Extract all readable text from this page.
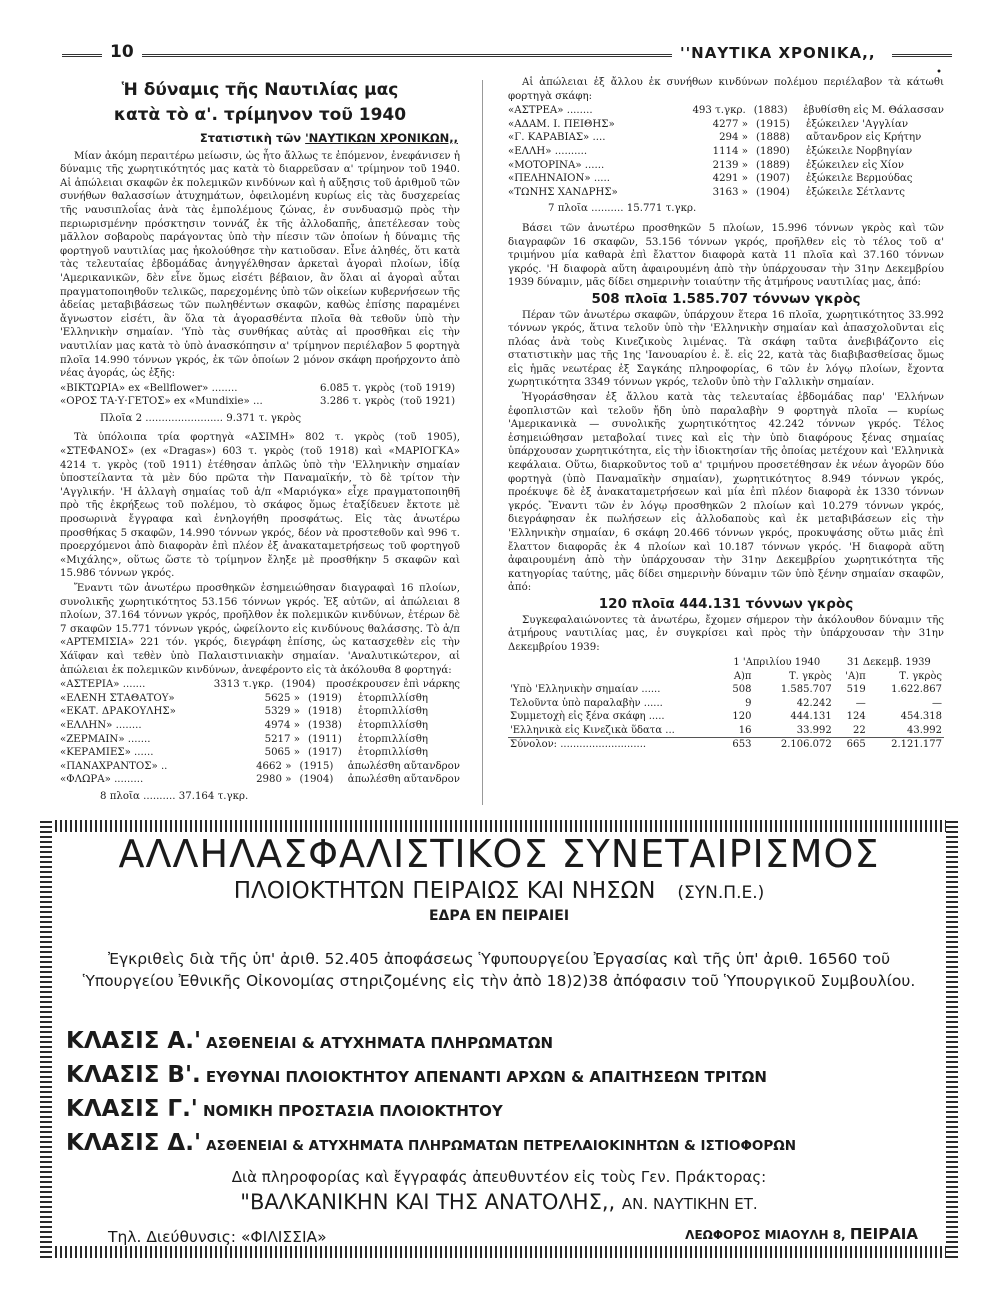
10	''ΝΑΥΤΙΚΑ ΧΡΟΝΙΚΑ,,
Ἡ δύναμις τῆς Ναυτιλίας μας
κατὰ τὸ α'. τρίμηνον τοῦ 1940
Στατιστικὴ τῶν 'ΝΑΥΤΙΚΩΝ ΧΡΟΝΙΚΩΝ,,

Μίαν ἀκόμη περαιτέρω μείωσιν, ὡς ἦτο ἄλλως τε ἐπόμενον, ἐνεφάνισεν ἡ δύναμις τῆς χωρητικότητός μας κατὰ τὸ διαρρεῦσαν α' τρίμηνον τοῦ 1940. Αἱ ἀπώλειαι σκαφῶν ἐκ πολεμικῶν κινδύνων καὶ ἡ αὔξησις τοῦ ἀριθμοῦ τῶν συνήθων θαλασσίων ἀτυχημάτων, ὀφειλομένη κυρίως εἰς τὰς δυσχερείας τῆς ναυσιπλοΐας ἀνὰ τὰς ἐμπολέμους ζώνας, ἐν συνδυασμῷ πρὸς τὴν περιωρισμένην πρόσκτησιν τοννάζ ἐκ τῆς ἀλλοδαπῆς, ἀπετέλεσαν τοὺς μᾶλλον σοβαροὺς παράγοντας ὑπὸ τὴν πίεσιν τῶν ὁποίων ἡ δύναμις τῆς φορτηγοῦ ναυτιλίας μας ἠκολούθησε τὴν κατιοῦσαν. Εἶνε ἀληθές, ὅτι κατὰ τὰς τελευταίας ἑβδομάδας ἀνηγγέλθησαν ἀρκεταὶ ἀγοραὶ πλοίων, ἰδίᾳ 'Αμερικανικῶν, δὲν εἶνε ὅμως εἰσέτι βέβαιον, ἂν ὅλαι αἱ ἀγοραὶ αὗται πραγματοποιηθοῦν τελικῶς, παρεχομένης ὑπὸ τῶν οἰκείων κυβερνήσεων τῆς ἀδείας μεταβιβάσεως τῶν πωληθέντων σκαφῶν, καθὼς ἐπίσης παραμένει ἄγνωστον εἰσέτι, ἂν ὅλα τὰ ἀγορασθέντα πλοῖα θὰ τεθοῦν ὑπὸ τὴν 'Ελληνικὴν σημαίαν. 'Υπὸ τὰς συνθήκας αὐτὰς αἱ προσθῆκαι εἰς τὴν ναυτιλίαν μας κατὰ τὸ ὑπὸ ἀνασκόπησιν α' τρίμηνον περιέλαβον 5 φορτηγὰ πλοῖα 14.990 τόννων γκρός, ἐκ τῶν ὁποίων 2 μόνον σκάφη προήρχοντο ἀπὸ νέας ἀγοράς, ὡς ἑξῆς:

«ΒΙΚΤΩΡΙΑ» ex «Bellflower» ........	6.085 τ. γκρὸς (τοῦ 1919)
«ΟΡΟΣ ΤΑ·Υ·ΓΕΤΟΣ» ex «Mundixie» ...	3.286 τ. γκρὸς (τοῦ 1921)
Πλοῖα 2 ........................ 9.371 τ. γκρὸς

Τὰ ὑπόλοιπα τρία φορτηγὰ «ΑΣΙΜΗ» 802 τ. γκρὸς (τοῦ 1905), «ΣΤΕΦΑΝΟΣ» (ex «Dragas») 603 τ. γκρὸς (τοῦ 1918) καὶ «ΜΑΡΙΟΓΚΑ» 4214 τ. γκρὸς (τοῦ 1911) ἐτέθησαν ἁπλῶς ὑπὸ τὴν 'Ελληνικὴν σημαίαν ὑποστείλαντα τὰ μὲν δύο πρῶτα τὴν Παναμαϊκήν, τὸ δὲ τρίτον τὴν 'Αγγλικήν. 'Η ἀλλαγὴ σημαίας τοῦ ἀ/π «Μαριόγκα» εἶχε πραγματοποιηθῆ πρὸ τῆς ἐκρήξεως τοῦ πολέμου, τὸ σκάφος ὅμως ἐταξίδευεν ἔκτοτε μὲ προσωρινὰ ἔγγραφα καὶ ἐνηλογήθη προσφάτως. Εἰς τὰς ἀνωτέρω προσθήκας 5 σκαφῶν, 14.990 τόννων γκρός, δέον νὰ προστεθοῦν καὶ 996 τ. προερχόμενοι ἀπὸ διαφορὰν ἐπὶ πλέον ἐξ ἀνακαταμετρήσεως τοῦ φορτηγοῦ «Μιχάλης», οὕτως ὥστε τὸ τρίμηνον ἔληξε μὲ προσθήκην 5 σκαφῶν καὶ 15.986 τόννων γκρός.

Ἔναντι τῶν ἀνωτέρω προσθηκῶν ἐσημειώθησαν διαγραφαὶ 16 πλοίων, συνολικῆς χωρητικότητος 53.156 τόννων γκρός. Ἐξ αὐτῶν, αἱ ἀπώλειαι 8 πλοίων, 37.164 τόννων γκρός, προῆλθον ἐκ πολεμικῶν κινδύνων, ἐτέρων δὲ 7 σκαφῶν 15.771 τόννων γκρός, ὠφείλοντο εἰς κινδύνους θαλάσσης. Τὸ ἀ/π «ΑΡΤΕΜΙΣΙΑ» 221 τόν. γκρός, διεγράφη ἐπίσης, ὡς κατασχεθὲν εἰς τὴν Χάϊφαν καὶ τεθὲν ὑπὸ Παλαιστινιακὴν σημαίαν. 'Αναλυτικώτερον, αἱ ἀπώλειαι ἐκ πολεμικῶν κινδύνων, ἀνεφέροντο εἰς τὰ ἀκόλουθα 8 φορτηγά:

«ΑΣΤΕΡΙΑ» .......	3313 τ.γκρ. (1904)	προσέκρουσεν ἐπὶ νάρκης
«ΕΛΕΝΗ ΣΤΑΘΑΤΟΥ»	5625 » (1919)	ἐτορπιλλίσθη
«ΕΚΑΤ. ΔΡΑΚΟΥΛΗΣ»	5329 » (1918)	ἐτορπιλλίσθη
«ΕΛΛΗΝ» ........	4974 » (1938)	ἐτορπιλλίσθη
«ΖΕΡΜΑΙΝ» .......	5217 » (1911)	ἐτορπιλλίσθη
«ΚΕΡΑΜΙΕΣ» ......	5065 » (1917)	ἐτορπιλλίσθη
«ΠΑΝΑΧΡΑΝΤΟΣ» ..	4662 » (1915)	ἀπωλέσθη αὔτανδρον
«ΦΛΩΡΑ» .........	2980 » (1904)	ἀπωλέσθη αὔτανδρον
8 πλοῖα .......... 37.164 τ.γκρ.
•

Αἱ ἀπώλειαι ἐξ ἄλλου ἐκ συνήθων κινδύνων πολέμου περιέλαβον τὰ κάτωθι φορτηγὰ σκάφη:

«ΑΣΤΡΕΑ» ........	493 τ.γκρ. (1883)	ἐβυθίσθη εἰς Μ. Θάλασσαν
«ΑΔΑΜ. Ι. ΠΕΙΘΗΣ»	4277 » (1915)	ἐξώκειλεν 'Αγγλίαν
«Γ. ΚΑΡΑΒΙΑΣ» ....	294 » (1888)	αὔτανδρον εἰς Κρήτην
«ΕΛΛΗ» ..........	1114 » (1890)	ἐξώκειλε Νορβηγίαν
«ΜΟΤΟΡΙΝΑ» ......	2139 » (1889)	ἐξώκειλεν εἰς Χίον
«ΠΕΛΗΝΑΙΟΝ» .....	4291 » (1907)	ἐξώκειλε Βερμούδας
«ΤΩΝΗΣ ΧΑΝΔΡΗΣ»	3163 » (1904)	ἐξώκειλε Σέτλαντς
7 πλοῖα .......... 15.771 τ.γκρ.

Βάσει τῶν ἀνωτέρω προσθηκῶν 5 πλοίων, 15.996 τόννων γκρὸς καὶ τῶν διαγραφῶν 16 σκαφῶν, 53.156 τόννων γκρός, προῆλθεν εἰς τὸ τέλος τοῦ α' τριμήνου μία καθαρὰ ἐπὶ ἔλαττον διαφορὰ κατὰ 11 πλοῖα καὶ 37.160 τόννων γκρός. 'Η διαφορὰ αὕτη ἀφαιρουμένη ἀπὸ τὴν ὑπάρχουσαν τὴν 31ην Δεκεμβρίου 1939 δύναμιν, μᾶς δίδει σημερινὴν τοιαύτην τῆς ἀτμήρους ναυτιλίας μας, ἀπό:

508 πλοῖα 1.585.707 τόννων γκρὸς

Πέραν τῶν ἀνωτέρω σκαφῶν, ὑπάρχουν ἕτερα 16 πλοῖα, χωρητικότητος 33.992 τόννων γκρός, ἅτινα τελοῦν ὑπὸ τὴν 'Ελληνικὴν σημαίαν καὶ ἀπασχολοῦνται εἰς πλόας ἀνὰ τοὺς Κινεζικοὺς λιμένας. Τὰ σκάφη ταῦτα ἀνεβιβάζοντο εἰς στατιστικὴν μας τῆς 1ης 'Ιανουαρίου ἐ. ἔ. εἰς 22, κατὰ τὰς διαβιβασθείσας ὅμως εἰς ἡμᾶς νεωτέρας ἐξ Σαγκάης πληροφορίας, 6 τῶν ἐν λόγῳ πλοίων, ἔχοντα χωρητικότητα 3349 τόννων γκρός, τελοῦν ὑπὸ τὴν Γαλλικὴν σημαίαν.

Ἠγοράσθησαν ἐξ ἄλλου κατὰ τὰς τελευταίας ἑβδομάδας παρ' 'Ελλήνων ἐφοπλιστῶν καὶ τελοῦν ἤδη ὑπὸ παραλαβὴν 9 φορτηγὰ πλοῖα — κυρίως 'Αμερικανικὰ — συνολικῆς χωρητικότητος 42.242 τόννων γκρός. Τέλος ἐσημειώθησαν μεταβολαί τινες καὶ εἰς τὴν ὑπὸ διαφόρους ξένας σημαίας ὑπάρχουσαν χωρητικότητα, εἰς τὴν ἰδιοκτησίαν τῆς ὁποίας μετέχουν καὶ 'Ελληνικὰ κεφάλαια. Οὕτω, διαρκοῦντος τοῦ α' τριμήνου προσετέθησαν ἐκ νέων ἀγορῶν δύο φορτηγὰ (ὑπὸ Παναμαϊκὴν σημαίαν), χωρητικότητος 8.949 τόννων γκρός, προέκυψε δὲ ἐξ ἀνακαταμετρήσεων καὶ μία ἐπὶ πλέον διαφορὰ ἐκ 1330 τόννων γκρός. Ἔναντι τῶν ἐν λόγῳ προσθηκῶν 2 πλοίων καὶ 10.279 τόννων γκρός, διεγράφησαν ἐκ πωλήσεων εἰς ἀλλοδαποὺς καὶ ἐκ μεταβιβάσεων εἰς τὴν 'Ελληνικὴν σημαίαν, 6 σκάφη 20.466 τόννων γκρός, προκυψάσης οὕτω μιᾶς ἐπὶ ἔλαττον διαφορᾶς ἐκ 4 πλοίων καὶ 10.187 τόννων γκρός. 'Η διαφορὰ αὕτη ἀφαιρουμένη ἀπὸ τὴν ὑπάρχουσαν τὴν 31ην Δεκεμβρίου χωρητικότητα τῆς κατηγορίας ταύτης, μᾶς δίδει σημερινὴν δύναμιν τῶν ὑπὸ ξένην σημαίαν σκαφῶν, ἀπό:

120 πλοῖα 444.131 τόννων γκρὸς

Συγκεφαλαιώνοντες τὰ ἀνωτέρω, ἔχομεν σήμερον τὴν ἀκόλουθον δύναμιν τῆς ἀτμήρους ναυτιλίας μας, ἐν συγκρίσει καὶ πρὸς τὴν ὑπάρχουσαν τὴν 31ην Δεκεμβρίου 1939:

	1 'Απριλίου 1940		31 Δεκεμβ. 1939	
	Α)π	Τ. γκρὸς	'Α)π	Τ. γκρὸς
'Υπὸ 'Ελληνικὴν σημαίαν ......	508	1.585.707	519	1.622.867
Τελοῦντα ὑπὸ παραλαβὴν ......	9	42.242	—	—
Συμμετοχὴ εἰς ξένα σκάφη .....	120	444.131	124	454.318
'Ελληνικὰ εἰς Κινεζικὰ ὕδατα ...	16	33.992	22	43.992
Σύνολον: ...........................	653	2.106.072	665	2.121.177
ΑΛΛΗΛΑΣΦΑΛΙΣΤΙΚΟΣ ΣΥΝΕΤΑΙΡΙΣΜΟΣ
ΠΛΟΙΟΚΤΗΤΩΝ ΠΕΙΡΑΙΩΣ ΚΑΙ ΝΗΣΩΝ (ΣΥΝ.Π.Ε.)
ΕΔΡΑ ΕΝ ΠΕΙΡΑΙΕΙ
Ἐγκριθεὶς διὰ τῆς ὑπ' ἀριθ. 52.405 ἀποφάσεως Ὑφυπουργείου Ἐργασίας καὶ τῆς ὑπ' ἀριθ. 16560 τοῦ Ὑπουργείου Ἐθνικῆς Οἰκονομίας στηριζομένης εἰς τὴν ἀπὸ 18)2)38 ἀπόφασιν τοῦ Ὑπουργικοῦ Συμβουλίου.
ΚΛΑΣΙΣ Α.' ΑΣΘΕΝΕΙΑΙ & ΑΤΥΧΗΜΑΤΑ ΠΛΗΡΩΜΑΤΩΝ
ΚΛΑΣΙΣ Β'. ΕΥΘΥΝΑΙ ΠΛΟΙΟΚΤΗΤΟΥ ΑΠΕΝΑΝΤΙ ΑΡΧΩΝ & ΑΠΑΙΤΗΣΕΩΝ ΤΡΙΤΩΝ
ΚΛΑΣΙΣ Γ.' ΝΟΜΙΚΗ ΠΡΟΣΤΑΣΙΑ ΠΛΟΙΟΚΤΗΤΟΥ
ΚΛΑΣΙΣ Δ.' ΑΣΘΕΝΕΙΑΙ & ΑΤΥΧΗΜΑΤΑ ΠΛΗΡΩΜΑΤΩΝ ΠΕΤΡΕΛΑΙΟΚΙΝΗΤΩΝ & ΙΣΤΙΟΦΟΡΩΝ
Διὰ πληροφορίας καὶ ἔγγραφάς ἀπευθυντέον εἰς τοὺς Γεν. Πράκτορας:
"ΒΑΛΚΑΝΙΚΗΝ ΚΑΙ ΤΗΣ ΑΝΑΤΟΛΗΣ,, ΑΝ. ΝΑΥΤΙΚΗΝ ΕΤ.
Τηλ. Διεύθυνσις: «ΦΙΛΙΣΣΙΑ»	ΛΕΩΦΟΡΟΣ ΜΙΑΟΥΛΗ 8, ΠΕΙΡΑΙΑ
